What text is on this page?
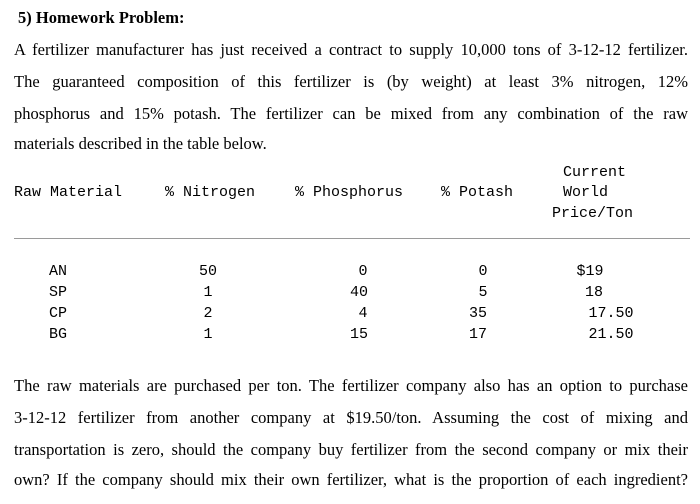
5) Homework Problem:
A fertilizer manufacturer has just received a contract to supply 10,000 tons of 3-12-12 fertilizer.
The guaranteed composition of this fertilizer is (by weight) at least 3% nitrogen, 12%
phosphorus and 15% potash. The fertilizer can be mixed from any combination of the raw
materials described in the table below.
Raw Material	% Nitrogen	% Phosphorus	% Potash
Current
World
Price/Ton
AN	50	0	0	$19
SP	1	40	5	18
CP	2	4	35	17.50
BG	1	15	17	21.50
The raw materials are purchased per ton. The fertilizer company also has an option to purchase
3-12-12 fertilizer from another company at $19.50/ton. Assuming the cost of mixing and
transportation is zero, should the company buy fertilizer from the second company or mix their
own? If the company should mix their own fertilizer, what is the proportion of each ingredient?
